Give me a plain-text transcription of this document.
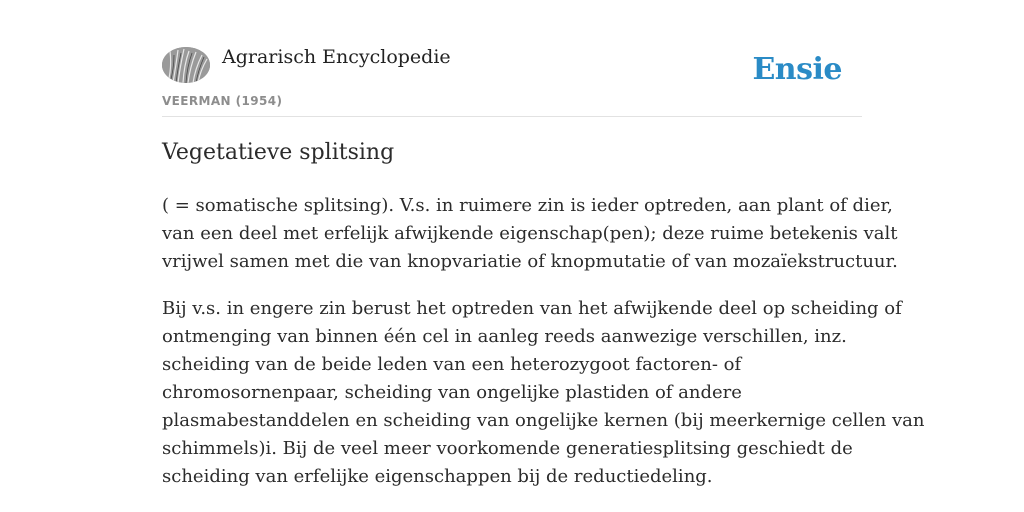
Agrarisch Encyclopedie
VEERMAN (1954)
Ensie
Vegetatieve splitsing

( = somatische splitsing). V.s. in ruimere zin is ieder optreden, aan plant of dier,
van een deel met erfelijk afwijkende eigenschap(pen); deze ruime betekenis valt
vrijwel samen met die van knopvariatie of knopmutatie of van mozaïekstructuur.

Bij v.s. in engere zin berust het optreden van het afwijkende deel op scheiding of
ontmenging van binnen één cel in aanleg reeds aanwezige verschillen, inz.
scheiding van de beide leden van een heterozygoot factoren- of
chromosornenpaar, scheiding van ongelijke plastiden of andere
plasmabestanddelen en scheiding van ongelijke kernen (bij meerkernige cellen van
schimmels)i. Bij de veel meer voorkomende generatiesplitsing geschiedt de
scheiding van erfelijke eigenschappen bij de reductiedeling.
